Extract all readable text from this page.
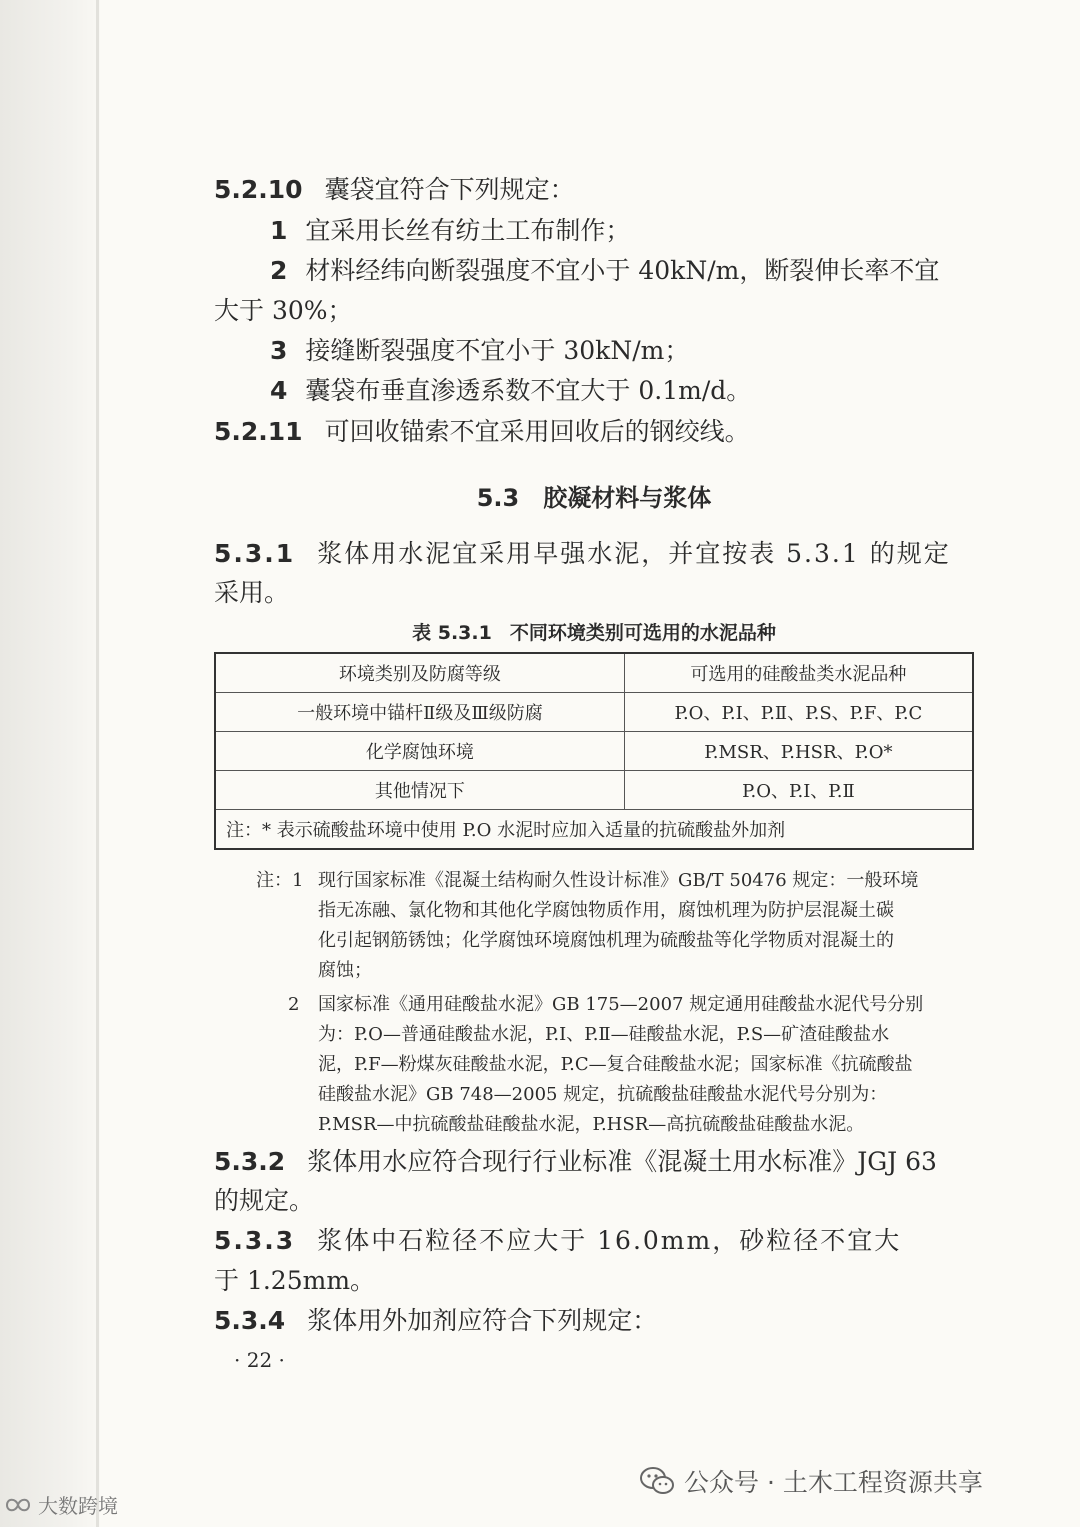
5.2.10 囊袋宜符合下列规定：
1 宜采用长丝有纺土工布制作；
2 材料经纬向断裂强度不宜小于 40kN/m，断裂伸长率不宜
大于 30%；
3 接缝断裂强度不宜小于 30kN/m；
4 囊袋布垂直渗透系数不宜大于 0.1m/d。
5.2.11 可回收锚索不宜采用回收后的钢绞线。
5.3 胶凝材料与浆体
5.3.1 浆体用水泥宜采用早强水泥，并宜按表 5.3.1 的规定
采用。
表 5.3.1 不同环境类别可选用的水泥品种
环境类别及防腐等级	可选用的硅酸盐类水泥品种
一般环境中锚杆Ⅱ级及Ⅲ级防腐	P.O、P.Ⅰ、P.Ⅱ、P.S、P.F、P.C
化学腐蚀环境	P.MSR、P.HSR、P.O*
其他情况下	P.O、P.Ⅰ、P.Ⅱ
注：* 表示硫酸盐环境中使用 P.O 水泥时应加入适量的抗硫酸盐外加剂	
注：1 现行国家标准《混凝土结构耐久性设计标准》GB/T 50476 规定：一般环境
指无冻融、氯化物和其他化学腐蚀物质作用，腐蚀机理为防护层混凝土碳
化引起钢筋锈蚀；化学腐蚀环境腐蚀机理为硫酸盐等化学物质对混凝土的
腐蚀；
2	国家标准《通用硅酸盐水泥》GB 175—2007 规定通用硅酸盐水泥代号分别
为：P.O—普通硅酸盐水泥，P.Ⅰ、P.Ⅱ—硅酸盐水泥，P.S—矿渣硅酸盐水
泥，P.F—粉煤灰硅酸盐水泥，P.C—复合硅酸盐水泥；国家标准《抗硫酸盐
硅酸盐水泥》GB 748—2005 规定，抗硫酸盐硅酸盐水泥代号分别为：
P.MSR—中抗硫酸盐硅酸盐水泥，P.HSR—高抗硫酸盐硅酸盐水泥。
5.3.2 浆体用水应符合现行行业标准《混凝土用水标准》JGJ 63
的规定。
5.3.3 浆体中石粒径不应大于 16.0mm，砂粒径不宜大
于 1.25mm。
5.3.4 浆体用外加剂应符合下列规定：
· 22 ·
公众号 · 土木工程资源共享
大数跨境
